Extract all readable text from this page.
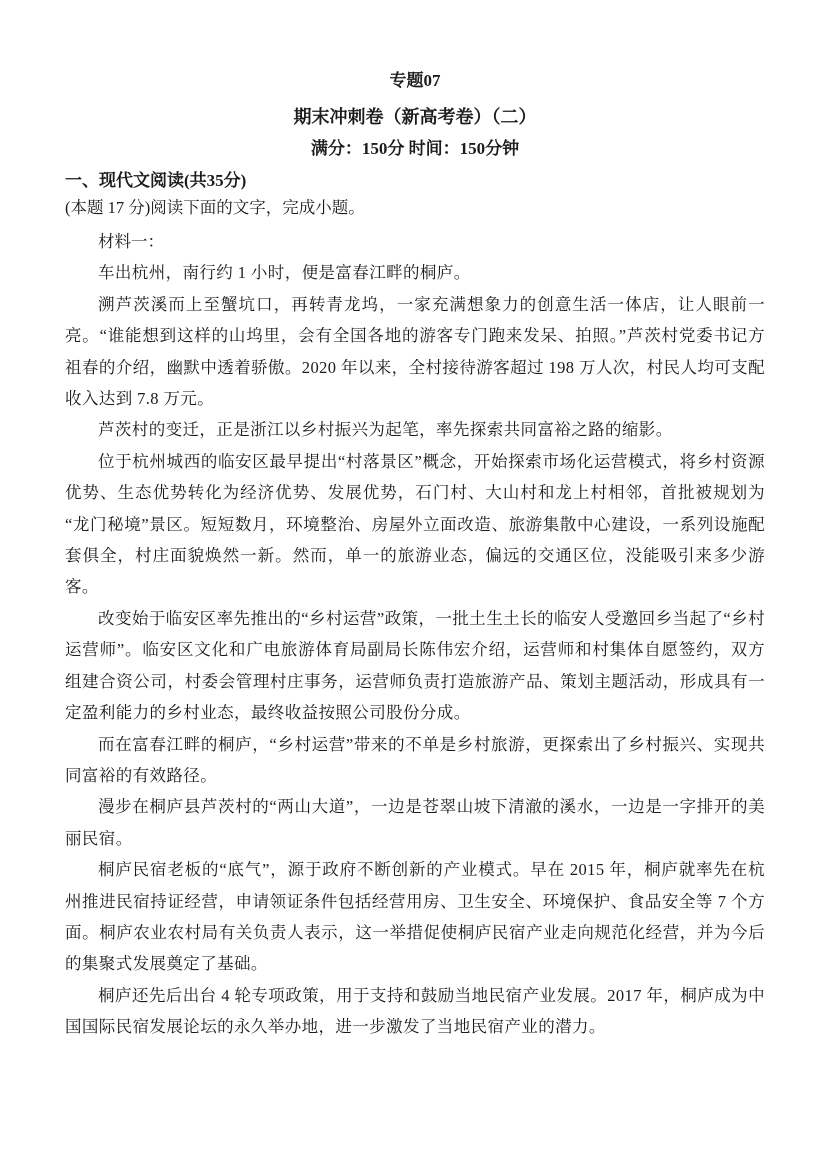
专题07

期末冲刺卷（新高考卷）（二）

满分：150分 时间：150分钟

一、现代文阅读(共35分)

(本题 17 分)阅读下面的文字，完成小题。

材料一：

车出杭州，南行约 1 小时，便是富春江畔的桐庐。

溯芦茨溪而上至蟹坑口，再转青龙坞，一家充满想象力的创意生活一体店，让人眼前一亮。“谁能想到这样的山坞里，会有全国各地的游客专门跑来发呆、拍照。”芦茨村党委书记方祖春的介绍，幽默中透着骄傲。2020 年以来，全村接待游客超过 198 万人次，村民人均可支配收入达到 7.8 万元。

芦茨村的变迁，正是浙江以乡村振兴为起笔，率先探索共同富裕之路的缩影。

位于杭州城西的临安区最早提出“村落景区”概念，开始探索市场化运营模式，将乡村资源优势、生态优势转化为经济优势、发展优势，石门村、大山村和龙上村相邻，首批被规划为“龙门秘境”景区。短短数月，环境整治、房屋外立面改造、旅游集散中心建设，一系列设施配套俱全，村庄面貌焕然一新。然而，单一的旅游业态，偏远的交通区位，没能吸引来多少游客。

改变始于临安区率先推出的“乡村运营”政策，一批土生土长的临安人受邀回乡当起了“乡村运营师”。临安区文化和广电旅游体育局副局长陈伟宏介绍，运营师和村集体自愿签约，双方组建合资公司，村委会管理村庄事务，运营师负责打造旅游产品、策划主题活动，形成具有一定盈利能力的乡村业态，最终收益按照公司股份分成。

而在富春江畔的桐庐，“乡村运营”带来的不单是乡村旅游，更探索出了乡村振兴、实现共同富裕的有效路径。

漫步在桐庐县芦茨村的“两山大道”，一边是苍翠山坡下清澈的溪水，一边是一字排开的美丽民宿。

桐庐民宿老板的“底气”，源于政府不断创新的产业模式。早在 2015 年，桐庐就率先在杭州推进民宿持证经营，申请领证条件包括经营用房、卫生安全、环境保护、食品安全等 7 个方面。桐庐农业农村局有关负责人表示，这一举措促使桐庐民宿产业走向规范化经营，并为今后的集聚式发展奠定了基础。

桐庐还先后出台 4 轮专项政策，用于支持和鼓励当地民宿产业发展。2017 年，桐庐成为中国国际民宿发展论坛的永久举办地，进一步激发了当地民宿产业的潜力。
